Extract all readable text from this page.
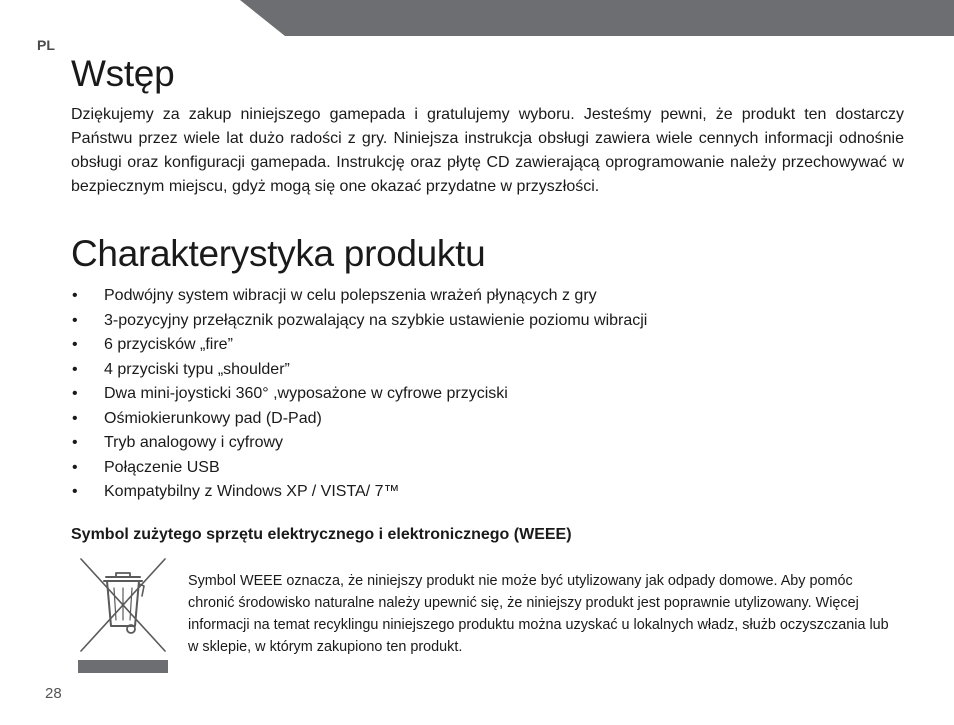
PL
Wstęp

Dziękujemy za zakup niniejszego gamepada i gratulujemy wyboru. Jesteśmy pewni, że produkt ten dostarczy Państwu przez wiele lat dużo radości z gry. Niniejsza instrukcja obsługi zawiera wiele cennych informacji odnośnie obsługi oraz konfiguracji gamepada. Instrukcję oraz płytę CD zawierającą oprogramowanie należy przechowywać w bezpiecznym miejscu, gdyż mogą się one okazać przydatne w przyszłości.

Charakterystyka produktu
• Podwójny system wibracji w celu polepszenia wrażeń płynących z gry
• 3-pozycyjny przełącznik pozwalający na szybkie ustawienie poziomu wibracji
• 6 przycisków „fire”
• 4 przyciski typu „shoulder”
• Dwa mini-joysticki 360° ,wyposażone w cyfrowe przyciski
• Ośmiokierunkowy pad (D-Pad)
• Tryb analogowy i cyfrowy
• Połączenie USB
• Kompatybilny z Windows XP / VISTA/ 7™
Symbol zużytego sprzętu elektrycznego i elektronicznego (WEEE)

Symbol WEEE oznacza, że niniejszy produkt nie może być utylizowany jak odpady domowe. Aby pomóc chronić środowisko naturalne należy upewnić się, że niniejszy produkt jest poprawnie utylizowany. Więcej informacji na temat recyklingu niniejszego produktu można uzyskać u lokalnych władz, służb oczyszczania lub w sklepie, w którym zakupiono ten produkt.

28
